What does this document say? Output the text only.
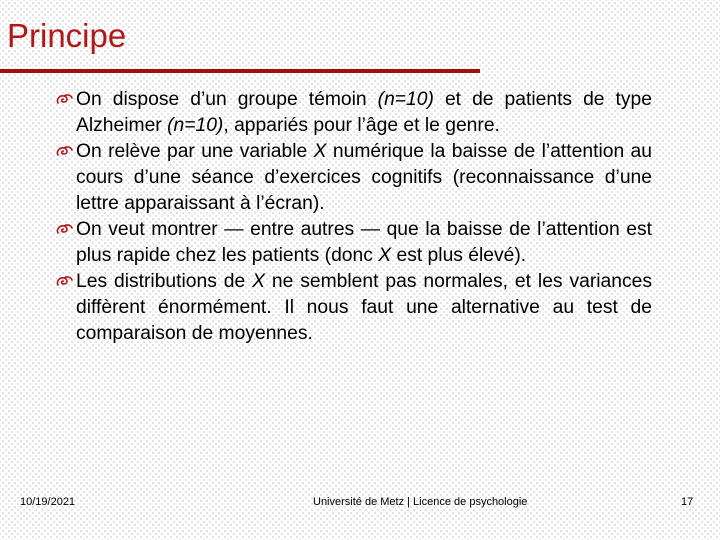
Principe
On dispose d’un groupe témoin (n=10) et de patients de type Alzheimer (n=10), appariés pour l’âge et le genre.
On relève par une variable X numérique la baisse de l’attention au cours d’une séance d’exercices cognitifs (reconnaissance d’une lettre apparaissant à l’écran).
On veut montrer — entre autres — que la baisse de l’attention est plus rapide chez les patients (donc X est plus élevé).
Les distributions de X ne semblent pas normales, et les variances diffèrent énormément. Il nous faut une alternative au test de comparaison de moyennes.
10/19/2021	Université de Metz | Licence de psychologie	17
